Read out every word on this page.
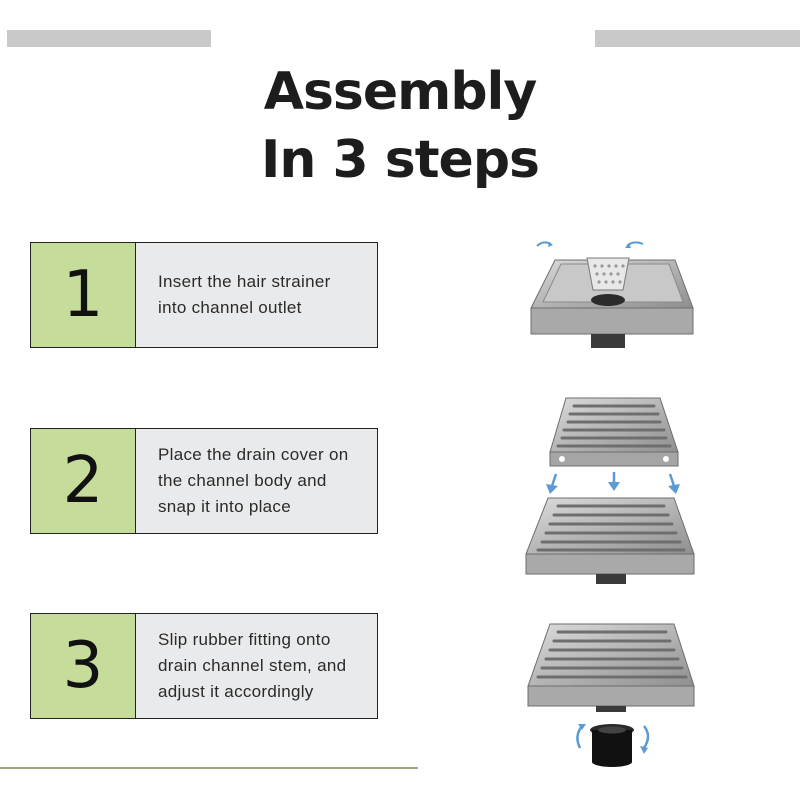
Assembly
In 3 steps
1	Insert the hair strainer into channel outlet
2	Place the drain cover on the channel body and snap it into place
3	Slip rubber fitting onto drain channel stem, and adjust it accordingly
